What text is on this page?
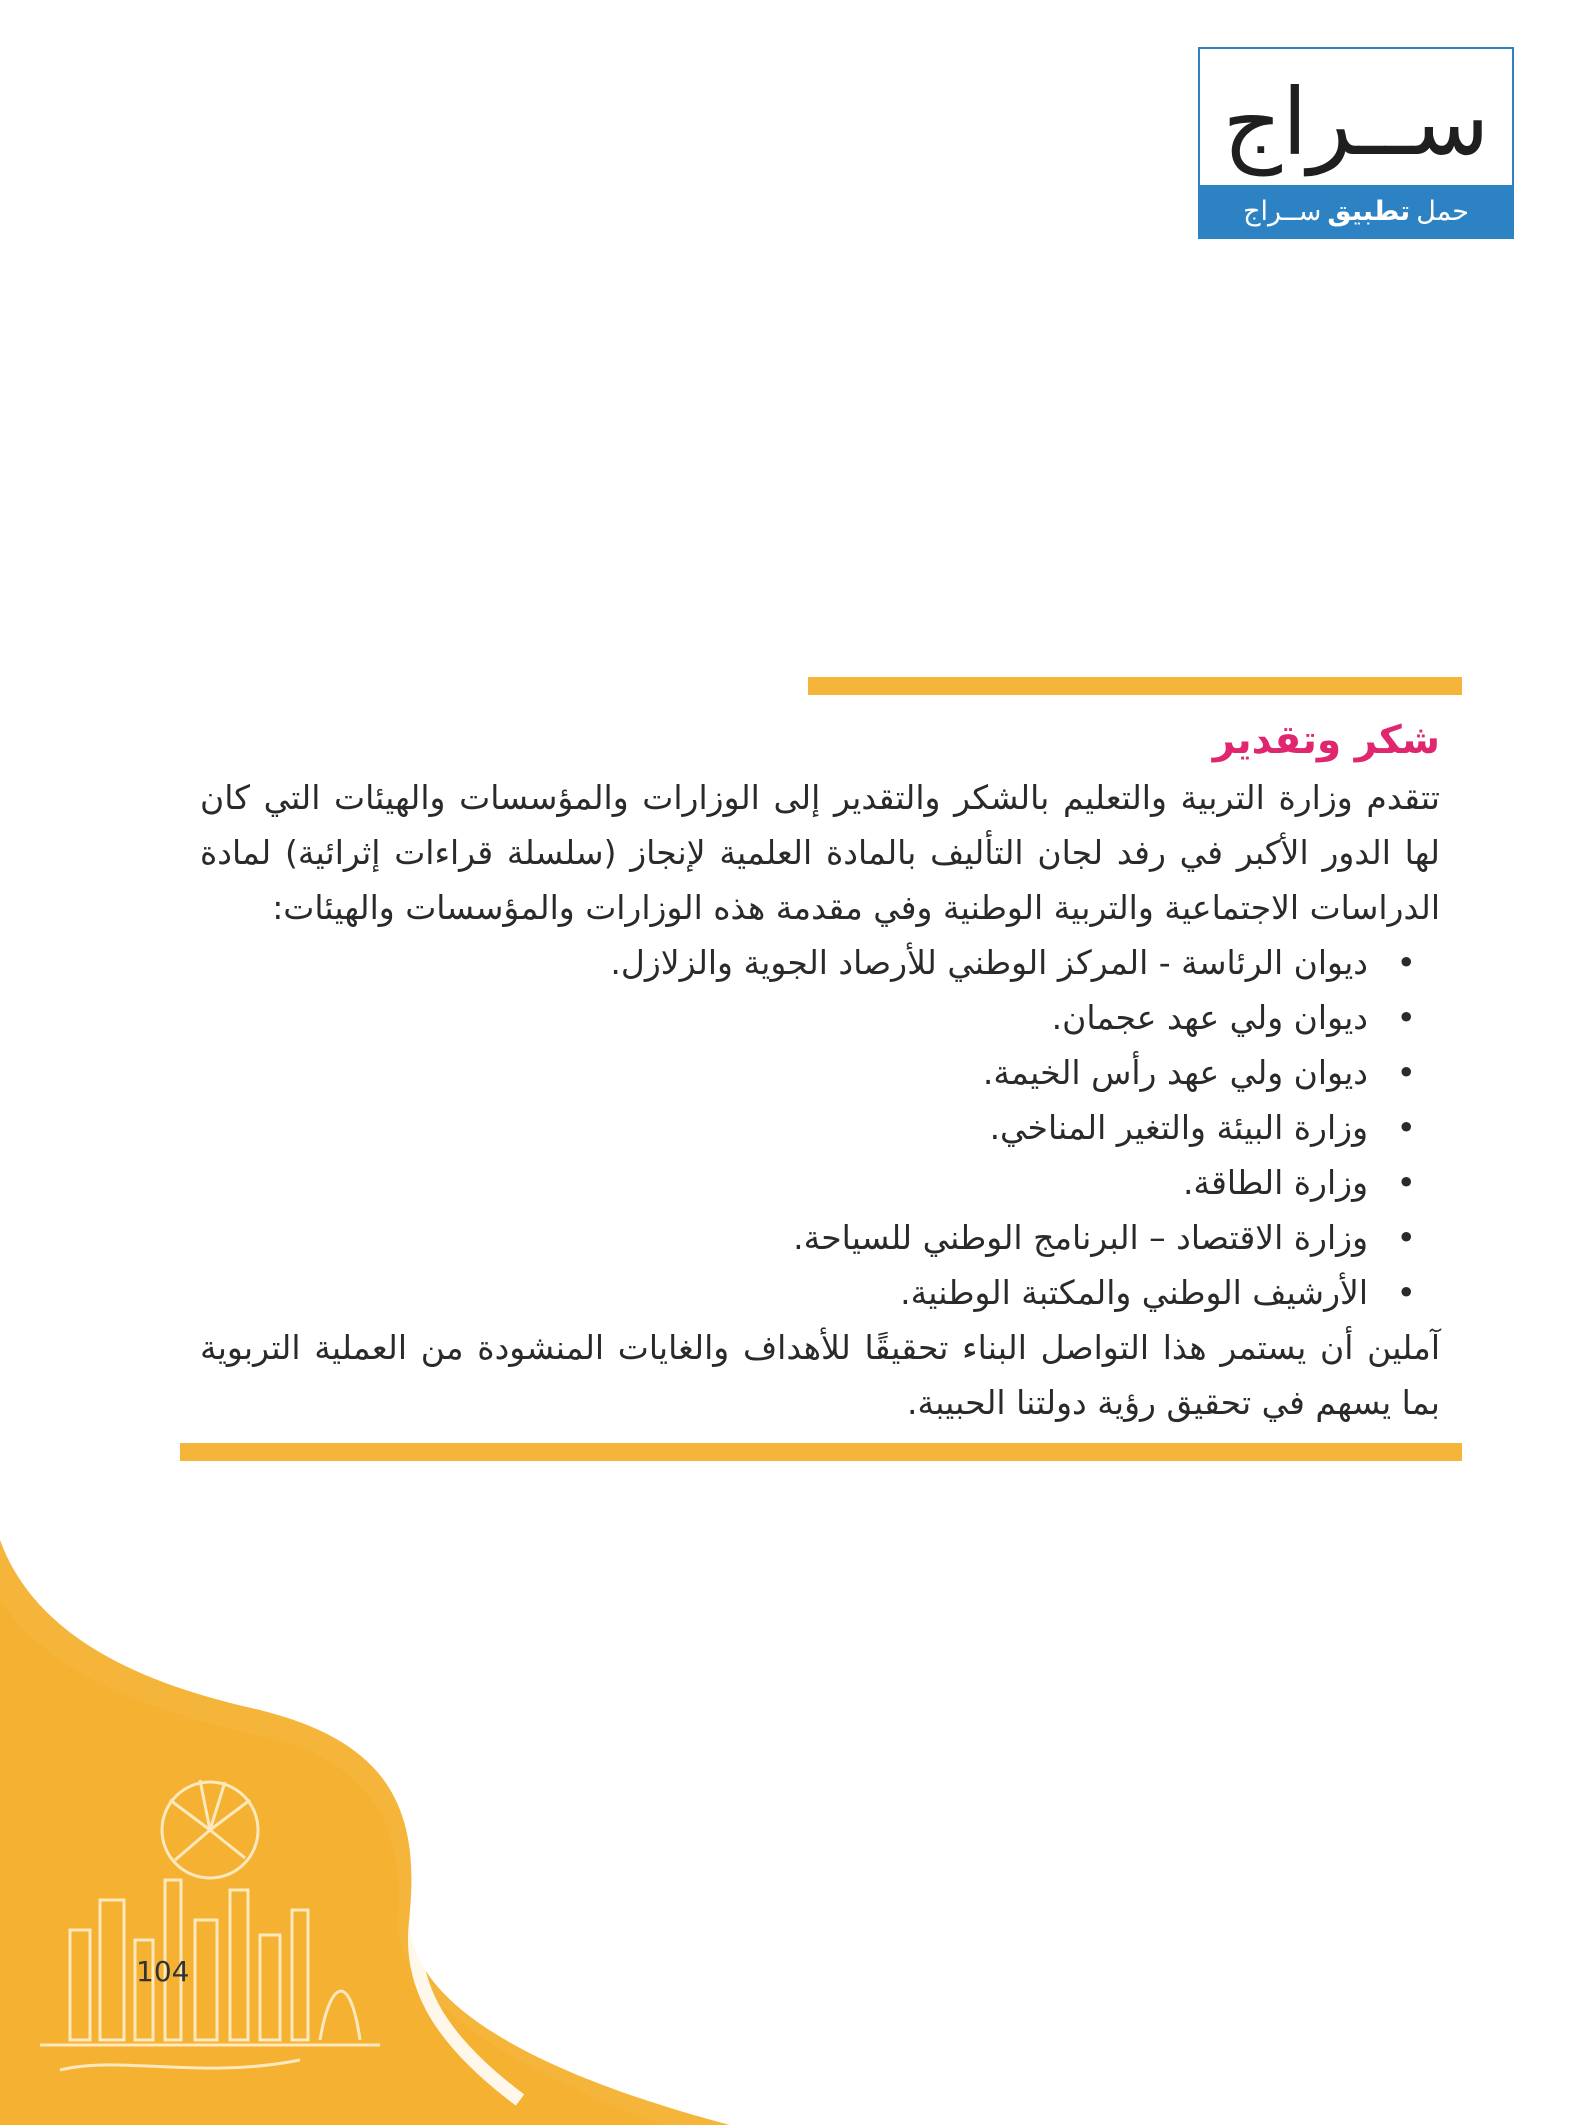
ســراج
حمل
تطبيق
ســراج
شكر وتقدير

تتقدم وزارة التربية والتعليم بالشكر والتقدير إلى الوزارات والمؤسسات والهيئات التي كان لها الدور الأكبر في رفد لجان التأليف بالمادة العلمية لإنجاز (سلسلة قراءات إثرائية) لمادة الدراسات الاجتماعية والتربية الوطنية وفي مقدمة هذه الوزارات والمؤسسات والهيئات:

•
ديوان الرئاسة - المركز الوطني للأرصاد الجوية والزلازل.
•
ديوان ولي عهد عجمان.
•
ديوان ولي عهد رأس الخيمة.
•
وزارة البيئة والتغير المناخي.
•
وزارة الطاقة.
•
وزارة الاقتصاد – البرنامج الوطني للسياحة.
•
الأرشيف الوطني والمكتبة الوطنية.

آملين أن يستمر هذا التواصل البناء تحقيقًا للأهداف والغايات المنشودة من العملية التربوية بما يسهم في تحقيق رؤية دولتنا الحبيبة.

104
